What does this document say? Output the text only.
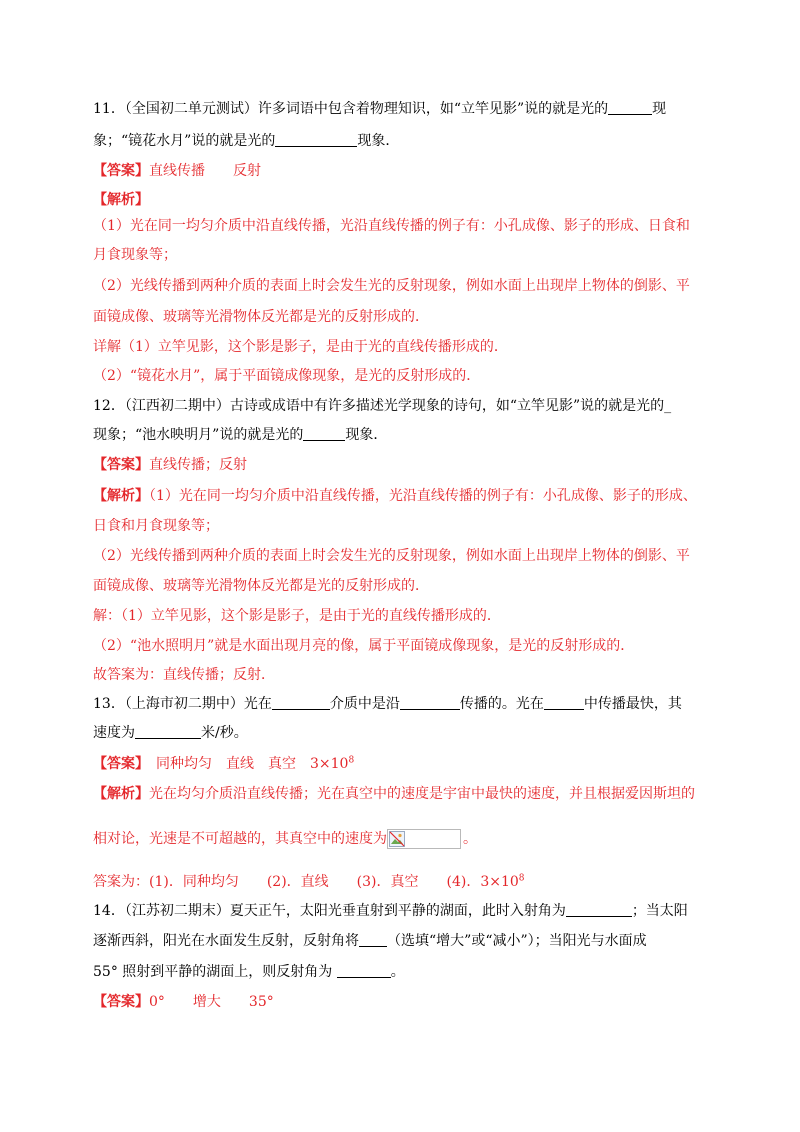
11．（全国初二单元测试）许多词语中包含着物理知识，如“立竿见影”说的就是光的	现
象；“镜花水月”说的就是光的	现象．
【答案】直线传播　　反射
【解析】
（1）光在同一均匀介质中沿直线传播，光沿直线传播的例子有：小孔成像、影子的形成、日食和
月食现象等；
（2）光线传播到两种介质的表面上时会发生光的反射现象，例如水面上出现岸上物体的倒影、平
面镜成像、玻璃等光滑物体反光都是光的反射形成的．
详解（1）立竿见影，这个影是影子，是由于光的直线传播形成的．
（2）“镜花水月”，属于平面镜成像现象，是光的反射形成的．
12．（江西初二期中）古诗或成语中有许多描述光学现象的诗句，如“立竿见影”说的就是光的_
现象；“池水映明月”说的就是光的	现象．
【答案】直线传播；反射
【解析】（1）光在同一均匀介质中沿直线传播，光沿直线传播的例子有：小孔成像、影子的形成、
日食和月食现象等；
（2）光线传播到两种介质的表面上时会发生光的反射现象，例如水面上出现岸上物体的倒影、平
面镜成像、玻璃等光滑物体反光都是光的反射形成的．
解：（1）立竿见影，这个影是影子，是由于光的直线传播形成的．
（2）“池水照明月”就是水面出现月亮的像，属于平面镜成像现象，是光的反射形成的．
故答案为：直线传播；反射．
13．（上海市初二期中）光在	介质中是沿	传播的。光在	中传播最快，其
速度为	米/秒。
【答案】　同种均匀　直线　真空　$3\times 10^8$
【解析】光在均匀介质沿直线传播；光在真空中的速度是宇宙中最快的速度，并且根据爱因斯坦的
相对论，光速是不可超越的，其真空中的速度为	。
答案为：(1)．同种均匀　　(2)．直线　　(3)．真空　　(4)．$3\times 10^8$
14．（江苏初二期末）夏天正午，太阳光垂直射到平静的湖面，此时入射角为	；当太阳
逐渐西斜，阳光在水面发生反射，反射角将 （选填“增大”或“减小”）；当阳光与水面成
55° 照射到平静的湖面上，则反射角为	。
【答案】0°　　增大　　35°
